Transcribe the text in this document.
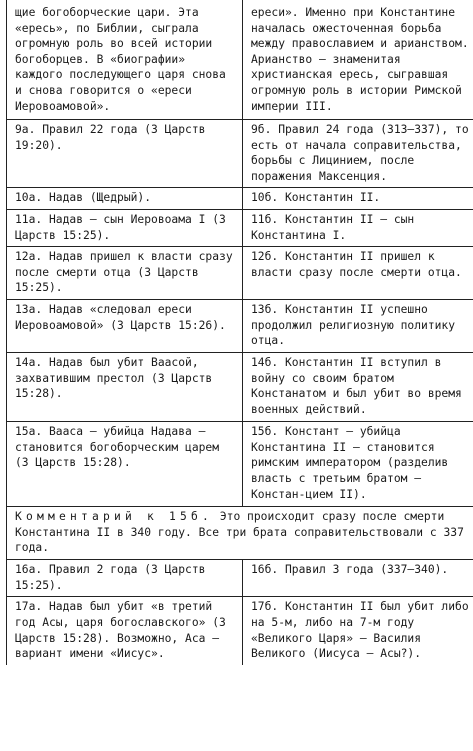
щие богоборческие цари. Эта «ересь», по Библии, сыграла огромную роль во всей истории богоборцев. В «биографии» каждого последующего царя снова и снова говорится о «ереси Иеровоамовой».	ереси». Именно при Константине началась ожесточенная борьба между православием и арианством. Арианство – знаменитая христианская ересь, сыгравшая огромную роль в истории Римской империи III.
9а. Правил 22 года (3 Царств 19:20).	9б. Правил 24 года (313–337), то есть от начала соправительства, борьбы с Лицинием, после поражения Максенция.
10а. Надав (Щедрый).	10б. Константин II.
11а. Надав – сын Иеровоама I (3 Царств 15:25).	11б. Константин II – сын Константина I.
12а. Надав пришел к власти сразу после смерти отца (3 Царств 15:25).	12б. Константин II пришел к власти сразу после смерти отца.
13а. Надав «следовал ереси Иеровоамовой» (3 Царств 15:26).	13б. Константин II успешно продолжил религиозную политику отца.
14а. Надав был убит Ваасой, захватившим престол (3 Царств 15:28).	14б. Константин II вступил в войну со своим братом Констанатом и был убит во время военных действий.
15а. Вааса – убийца Надава – становится богоборческим царем (3 Царств 15:28).	15б. Констант – убийца Константина II – становится римским императором (разделив власть с третьим братом – Констан-цием II).
Комментарий к 15б. Это происходит сразу после смерти Константина II в 340 году. Все три брата соправительствовали с 337 года.	
16а. Правил 2 года (3 Царств 15:25).	16б. Правил 3 года (337–340).
17а. Надав был убит «в третий год Асы, царя богославского» (3 Царств 15:28). Возможно, Аса – вариант имени «Иисус».	17б. Константин II был убит либо на 5-м, либо на 7-м году «Великого Царя» – Василия Великого (Иисуса – Асы?).
